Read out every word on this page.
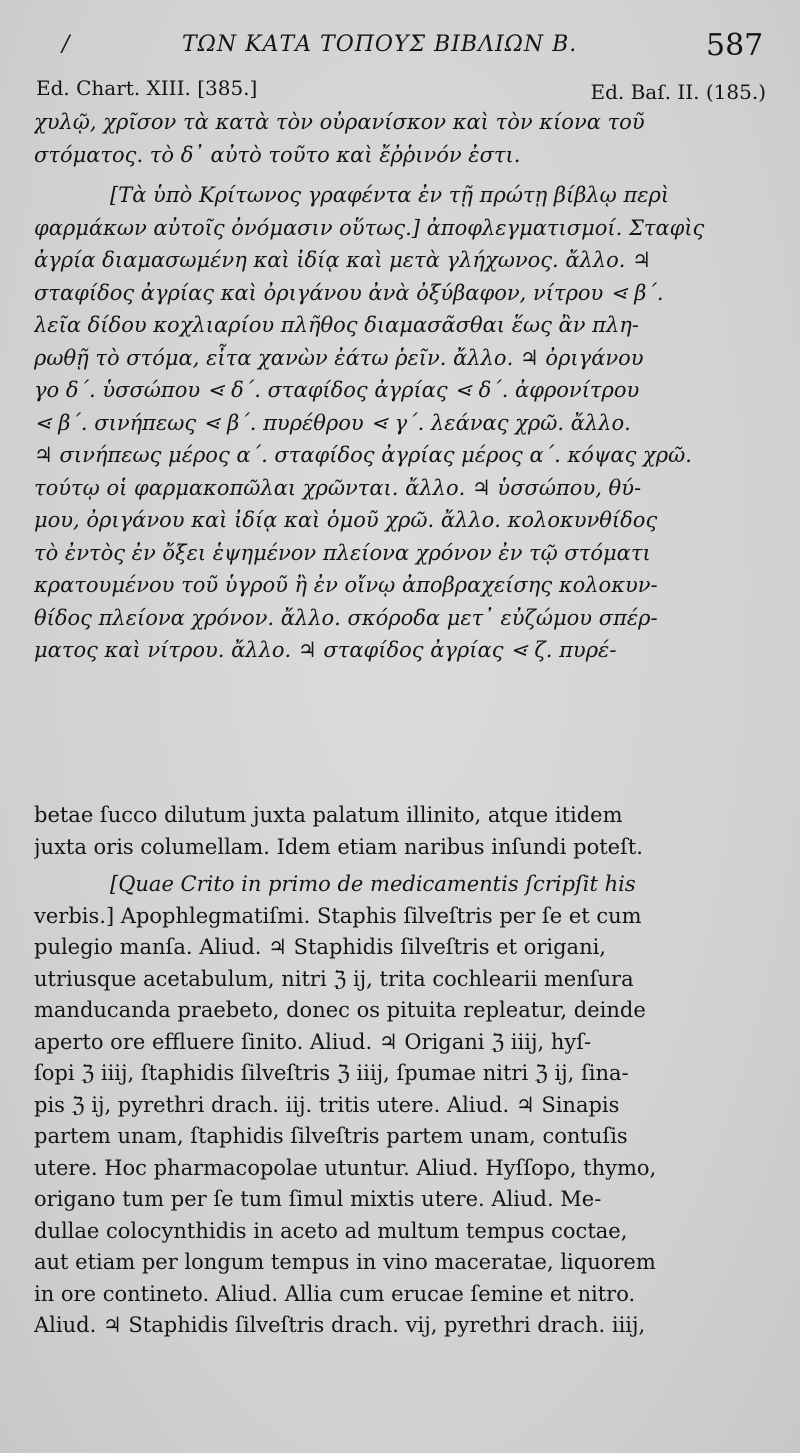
/	ΤΩΝ ΚΑΤΑ ΤΟΠΟΥΣ ΒΙΒΛΙΩΝ Β.	587
Ed. Chart. XIII. [385.]	Ed. Baſ. II. (185.)
χυλῷ, χρῖσον τὰ κατὰ τὸν οὐρανίσκον καὶ τὸν κίονα τοῦ
στόματος. τὸ δ᾽ αὐτὸ τοῦτο καὶ ἔῤῥινόν ἐστι.
[Τὰ ὑπὸ Κρίτωνος γραφέντα ἐν τῇ πρώτῃ βίβλῳ περὶ
φαρμάκων αὐτοῖς ὀνόμασιν οὕτως.] ἀποφλεγματισμοί. Σταφὶς
ἀγρία διαμασωμένη καὶ ἰδίᾳ καὶ μετὰ γλήχωνος. ἄλλο. ♃
σταφίδος ἀγρίας καὶ ὀριγάνου ἀνὰ ὀξύβαφον, νίτρου ⋖ β´.
λεῖα δίδου κοχλιαρίου πλῆθος διαμασᾶσθαι ἕως ἂν πλη-
ρωθῇ τὸ στόμα, εἶτα χανὼν ἐάτω ῥεῖν. ἄλλο. ♃ ὀριγάνου
γο δ´. ὑσσώπου ⋖ δ´. σταφίδος ἀγρίας ⋖ δ´. ἀφρονίτρου
⋖ β´. σινήπεως ⋖ β´. πυρέθρου ⋖ γ´. λεάνας χρῶ. ἄλλο.
♃ σινήπεως μέρος α´. σταφίδος ἀγρίας μέρος α´. κόψας χρῶ.
τούτῳ οἱ φαρμακοπῶλαι χρῶνται. ἄλλο. ♃ ὑσσώπου, θύ-
μου, ὀριγάνου καὶ ἰδίᾳ καὶ ὁμοῦ χρῶ. ἄλλο. κολοκυνθίδος
τὸ ἐντὸς ἐν ὄξει ἑψημένον πλείονα χρόνον ἐν τῷ στόματι
κρατουμένου τοῦ ὑγροῦ ἢ ἐν οἴνῳ ἀποβραχείσης κολοκυν-
θίδος πλείονα χρόνον. ἄλλο. σκόροδα μετ᾽ εὐζώμου σπέρ-
ματος καὶ νίτρου. ἄλλο. ♃ σταφίδος ἀγρίας ⋖ ζ. πυρέ-
betae ſucco dilutum juxta palatum illinito, atque itidem
juxta oris columellam. Idem etiam naribus inſundi poteſt.
[Quae Crito in primo de medicamentis ſcripſit his
verbis.] Apophlegmatiſmi. Staphis ſilveſtris per ſe et cum
pulegio manſa. Aliud. ♃ Staphidis ſilveſtris et origani,
utriusque acetabulum, nitri ℨ ij, trita cochlearii menſura
manducanda praebeto, donec os pituita repleatur, deinde
aperto ore effluere ſinito. Aliud. ♃ Origani ℨ iiij, hyſ-
ſopi ℨ iiij, ſtaphidis ſilveſtris ℨ iiij, ſpumae nitri ℨ ij, ſina-
pis ℨ ij, pyrethri drach. iij. tritis utere. Aliud. ♃ Sinapis
partem unam, ſtaphidis ſilveſtris partem unam, contuſis
utere. Hoc pharmacopolae utuntur. Aliud. Hyſſopo, thymo,
origano tum per ſe tum ſimul mixtis utere. Aliud. Me-
dullae colocynthidis in aceto ad multum tempus coctae,
aut etiam per longum tempus in vino maceratae, liquorem
in ore contineto. Aliud. Allia cum erucae ſemine et nitro.
Aliud. ♃ Staphidis ſilveſtris drach. vij, pyrethri drach. iiij,
